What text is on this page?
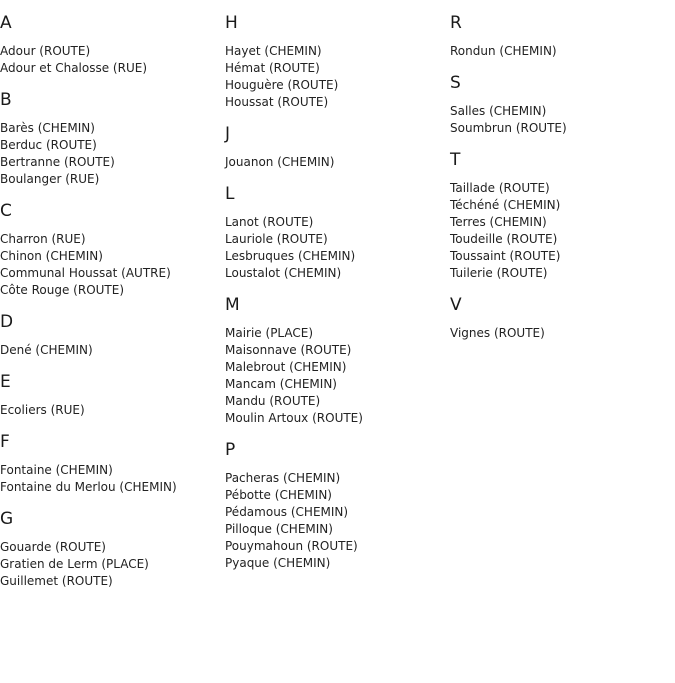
A
Adour (ROUTE)
Adour et Chalosse (RUE)
B
Barès (CHEMIN)
Berduc (ROUTE)
Bertranne (ROUTE)
Boulanger (RUE)
C
Charron (RUE)
Chinon (CHEMIN)
Communal Houssat (AUTRE)
Côte Rouge (ROUTE)
D
Dené (CHEMIN)
E
Ecoliers (RUE)
F
Fontaine (CHEMIN)
Fontaine du Merlou (CHEMIN)
G
Gouarde (ROUTE)
Gratien de Lerm (PLACE)
Guillemet (ROUTE)
H
Hayet (CHEMIN)
Hémat (ROUTE)
Houguère (ROUTE)
Houssat (ROUTE)
J
Jouanon (CHEMIN)
L
Lanot (ROUTE)
Lauriole (ROUTE)
Lesbruques (CHEMIN)
Loustalot (CHEMIN)
M
Mairie (PLACE)
Maisonnave (ROUTE)
Malebrout (CHEMIN)
Mancam (CHEMIN)
Mandu (ROUTE)
Moulin Artoux (ROUTE)
P
Pacheras (CHEMIN)
Pébotte (CHEMIN)
Pédamous (CHEMIN)
Pilloque (CHEMIN)
Pouymahoun (ROUTE)
Pyaque (CHEMIN)
R
Rondun (CHEMIN)
S
Salles (CHEMIN)
Soumbrun (ROUTE)
T
Taillade (ROUTE)
Téchéné (CHEMIN)
Terres (CHEMIN)
Toudeille (ROUTE)
Toussaint (ROUTE)
Tuilerie (ROUTE)
V
Vignes (ROUTE)
